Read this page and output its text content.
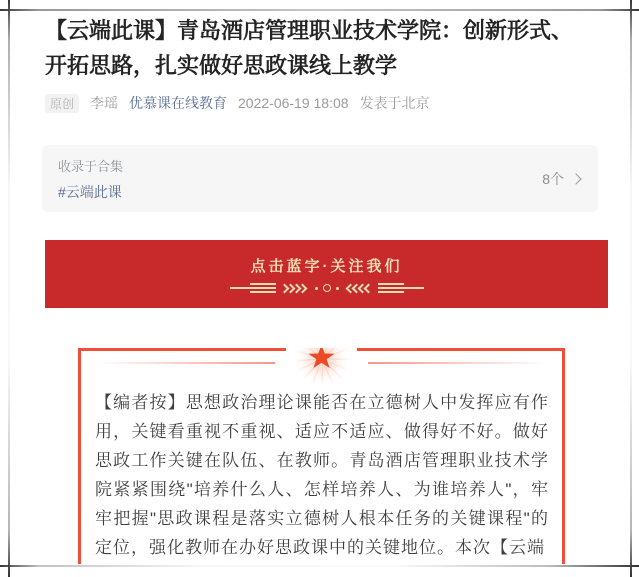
【云端此课】青岛酒店管理职业技术学院：创新形式、开拓思路，扎实做好思政课线上教学
原创	李瑶 优慕课在线教育 2022-06-19 18:08 发表于北京
收录于合集
#云端此课
8个
点击蓝字·关注我们

【编者按】思想政治理论课能否在立德树人中发挥应有作用，关键看重视不重视、适应不适应、做得好不好。做好思政工作关键在队伍、在教师。青岛酒店管理职业技术学院紧紧围绕"培养什么人、怎样培养人、为谁培养人"，牢牢把握"思政课程是落实立德树人根本任务的关键课程"的定位，强化教师在办好思政课中的关键地位。本次【云端
